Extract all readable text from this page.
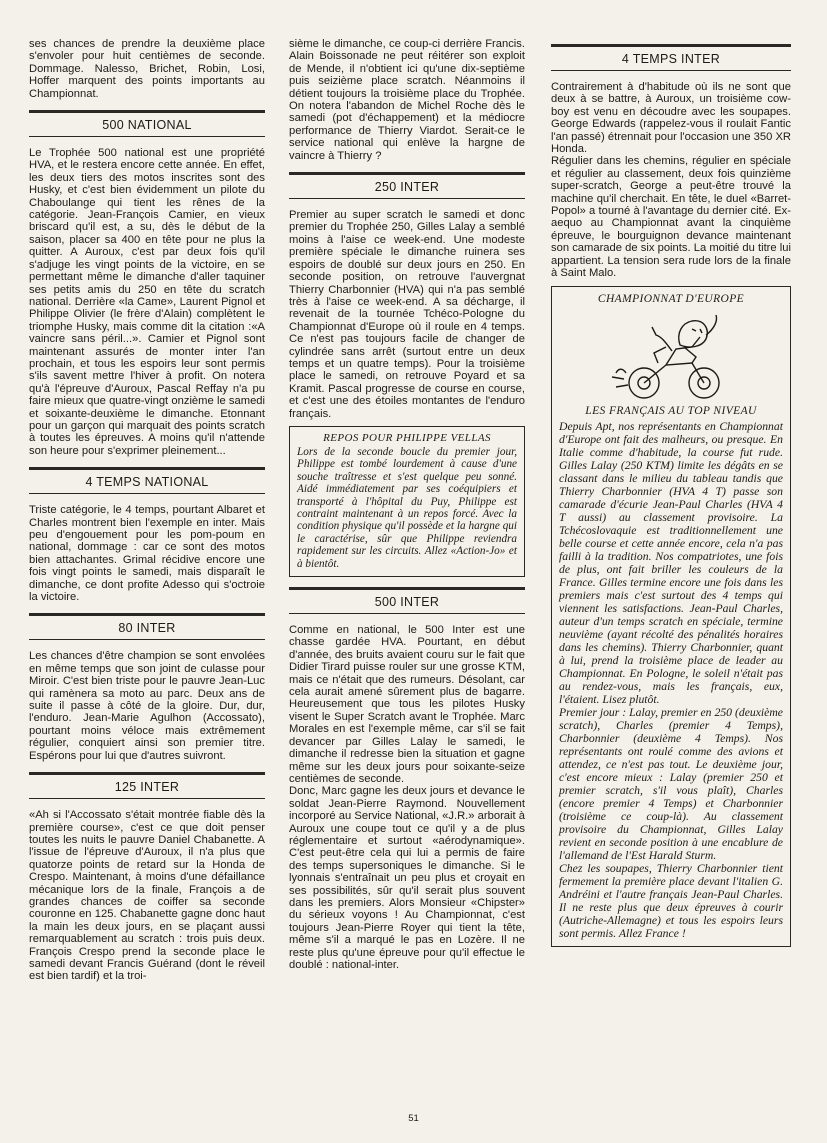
ses chances de prendre la deuxième place s'envoler pour huit centièmes de seconde. Dommage. Nalesso, Brichet, Robin, Losi, Hoffer marquent des points importants au Championnat.

500 NATIONAL

Le Trophée 500 national est une propriété HVA, et le restera encore cette année. En effet, les deux tiers des motos inscrites sont des Husky, et c'est bien évidemment un pilote du Chaboulange qui tient les rênes de la catégorie. Jean-François Camier, en vieux briscard qu'il est, a su, dès le début de la saison, placer sa 400 en tête pour ne plus la quitter. A Auroux, c'est par deux fois qu'il s'adjuge les vingt points de la victoire, en se permettant même le dimanche d'aller taquiner ses petits amis du 250 en tête du scratch national. Derrière «la Came», Laurent Pignol et Philippe Olivier (le frère d'Alain) complètent le triomphe Husky, mais comme dit la citation :«A vaincre sans péril...». Camier et Pignol sont maintenant assurés de monter inter l'an prochain, et tous les espoirs leur sont permis s'ils savent mettre l'hiver à profit. On notera qu'à l'épreuve d'Auroux, Pascal Reffay n'a pu faire mieux que quatre-vingt onzième le samedi et soixante-deuxième le dimanche. Etonnant pour un garçon qui marquait des points scratch à toutes les épreuves. A moins qu'il n'attende son heure pour s'exprimer pleinement...

4 TEMPS NATIONAL

Triste catégorie, le 4 temps, pourtant Albaret et Charles montrent bien l'exemple en inter. Mais peu d'engouement pour les pom-poum en national, dommage : car ce sont des motos bien attachantes. Grimal récidive encore une fois vingt points le samedi, mais disparaît le dimanche, ce dont profite Adesso qui s'octroie la victoire.

80 INTER

Les chances d'être champion se sont envolées en même temps que son joint de culasse pour Miroir. C'est bien triste pour le pauvre Jean-Luc qui ramènera sa moto au parc. Deux ans de suite il passe à côté de la gloire. Dur, dur, l'enduro. Jean-Marie Agulhon (Accossato), pourtant moins véloce mais extrêmement régulier, conquiert ainsi son premier titre. Espérons pour lui que d'autres suivront.

125 INTER

«Ah si l'Accossato s'était montrée fiable dès la première course», c'est ce que doit penser toutes les nuits le pauvre Daniel Chabanette. A l'issue de l'épreuve d'Auroux, il n'a plus que quatorze points de retard sur la Honda de Crespo. Maintenant, à moins d'une défaillance mécanique lors de la finale, François a de grandes chances de coiffer sa seconde couronne en 125. Chabanette gagne donc haut la main les deux jours, en se plaçant aussi remarquablement au scratch : trois puis deux. François Crespo prend la seconde place le samedi devant Francis Guérand (dont le réveil est bien tardif) et la troi-

sième le dimanche, ce coup-ci derrière Francis. Alain Boissonade ne peut réitérer son exploit de Mende, il n'obtient ici qu'une dix-septième puis seizième place scratch. Néanmoins il détient toujours la troisième place du Trophée. On notera l'abandon de Michel Roche dès le samedi (pot d'échappement) et la médiocre performance de Thierry Viardot. Serait-ce le service national qui enlève la hargne de vaincre à Thierry ?

250 INTER

Premier au super scratch le samedi et donc premier du Trophée 250, Gilles Lalay a semblé moins à l'aise ce week-end. Une modeste première spéciale le dimanche ruinera ses espoirs de doublé sur deux jours en 250. En seconde position, on retrouve l'auvergnat Thierry Charbonnier (HVA) qui n'a pas semblé très à l'aise ce week-end. A sa décharge, il revenait de la tournée Tchéco-Pologne du Championnat d'Europe où il roule en 4 temps. Ce n'est pas toujours facile de changer de cylindrée sans arrêt (surtout entre un deux temps et un quatre temps). Pour la troisième place le samedi, on retrouve Poyard et sa Kramit. Pascal progresse de course en course, et c'est une des étoiles montantes de l'enduro français.

REPOS POUR PHILIPPE VELLAS

Lors de la seconde boucle du premier jour, Philippe est tombé lourdement à cause d'une souche traîtresse et s'est quelque peu sonné. Aidé immédiatement par ses coéquipiers et transporté à l'hôpital du Puy, Philippe est contraint maintenant à un repos forcé. Avec la condition physique qu'il possède et la hargne qui le caractérise, sûr que Philippe reviendra rapidement sur les circuits. Allez «Action-Jo» et à bientôt.

500 INTER

Comme en national, le 500 Inter est une chasse gardée HVA. Pourtant, en début d'année, des bruits avaient couru sur le fait que Didier Tirard puisse rouler sur une grosse KTM, mais ce n'était que des rumeurs. Désolant, car cela aurait amené sûrement plus de bagarre. Heureusement que tous les pilotes Husky visent le Super Scratch avant le Trophée. Marc Morales en est l'exemple même, car s'il se fait devancer par Gilles Lalay le samedi, le dimanche il redresse bien la situation et gagne même sur les deux jours pour soixante-seize centièmes de seconde.
Donc, Marc gagne les deux jours et devance le soldat Jean-Pierre Raymond. Nouvellement incorporé au Service National, «J.R.» arborait à Auroux une coupe tout ce qu'il y a de plus réglementaire et surtout «aérodynamique». C'est peut-être cela qui lui a permis de faire des temps supersoniques le dimanche. Si le lyonnais s'entraînait un peu plus et croyait en ses possibilités, sûr qu'il serait plus souvent dans les premiers. Alors Monsieur «Chipster» du sérieux voyons ! Au Championnat, c'est toujours Jean-Pierre Royer qui tient la tête, même s'il a marqué le pas en Lozère. Il ne reste plus qu'une épreuve pour qu'il effectue le doublé : national-inter.

4 TEMPS INTER

Contrairement à d'habitude où ils ne sont que deux à se battre, à Auroux, un troisième cow-boy est venu en découdre avec les soupapes. George Edwards (rappelez-vous il roulait Fantic l'an passé) étrennait pour l'occasion une 350 XR Honda.
Régulier dans les chemins, régulier en spéciale et régulier au classement, deux fois quinzième super-scratch, George a peut-être trouvé la machine qu'il cherchait. En tête, le duel «Barret-Popol» a tourné à l'avantage du dernier cité. Ex-aequo au Championnat avant la cinquième épreuve, le bourguignon devance maintenant son camarade de six points. La moitié du titre lui appartient. La tension sera rude lors de la finale à Saint Malo.

CHAMPIONNAT D'EUROPE
LES FRANÇAIS AU TOP NIVEAU

Depuis Apt, nos représentants en Championnat d'Europe ont fait des malheurs, ou presque. En Italie comme d'habitude, la course fut rude. Gilles Lalay (250 KTM) limite les dégâts en se classant dans le milieu du tableau tandis que Thierry Charbonnier (HVA 4 T) passe son camarade d'écurie Jean-Paul Charles (HVA 4 T aussi) au classement provisoire. La Tchécoslovaquie est traditionnellement une belle course et cette année encore, cela n'a pas failli à la tradition. Nos compatriotes, une fois de plus, ont fait briller les couleurs de la France. Gilles termine encore une fois dans les premiers mais c'est surtout des 4 temps qui viennent les satisfactions. Jean-Paul Charles, auteur d'un temps scratch en spéciale, termine neuvième (ayant récolté des pénalités horaires dans les chemins). Thierry Charbonnier, quant à lui, prend la troisième place de leader au Championnat. En Pologne, le soleil n'était pas au rendez-vous, mais les français, eux, l'étaient. Lisez plutôt.
Premier jour : Lalay, premier en 250 (deuxième scratch), Charles (premier 4 Temps), Charbonnier (deuxième 4 Temps). Nos représentants ont roulé comme des avions et attendez, ce n'est pas tout. Le deuxième jour, c'est encore mieux : Lalay (premier 250 et premier scratch, s'il vous plaît), Charles (encore premier 4 Temps) et Charbonnier (troisième ce coup-là). Au classement provisoire du Championnat, Gilles Lalay revient en seconde position à une encablure de l'allemand de l'Est Harald Sturm.
Chez les soupapes, Thierry Charbonnier tient fermement la première place devant l'italien G. Andréini et l'autre français Jean-Paul Charles. Il ne reste plus que deux épreuves à courir (Autriche-Allemagne) et tous les espoirs leurs sont permis. Allez France !

51
